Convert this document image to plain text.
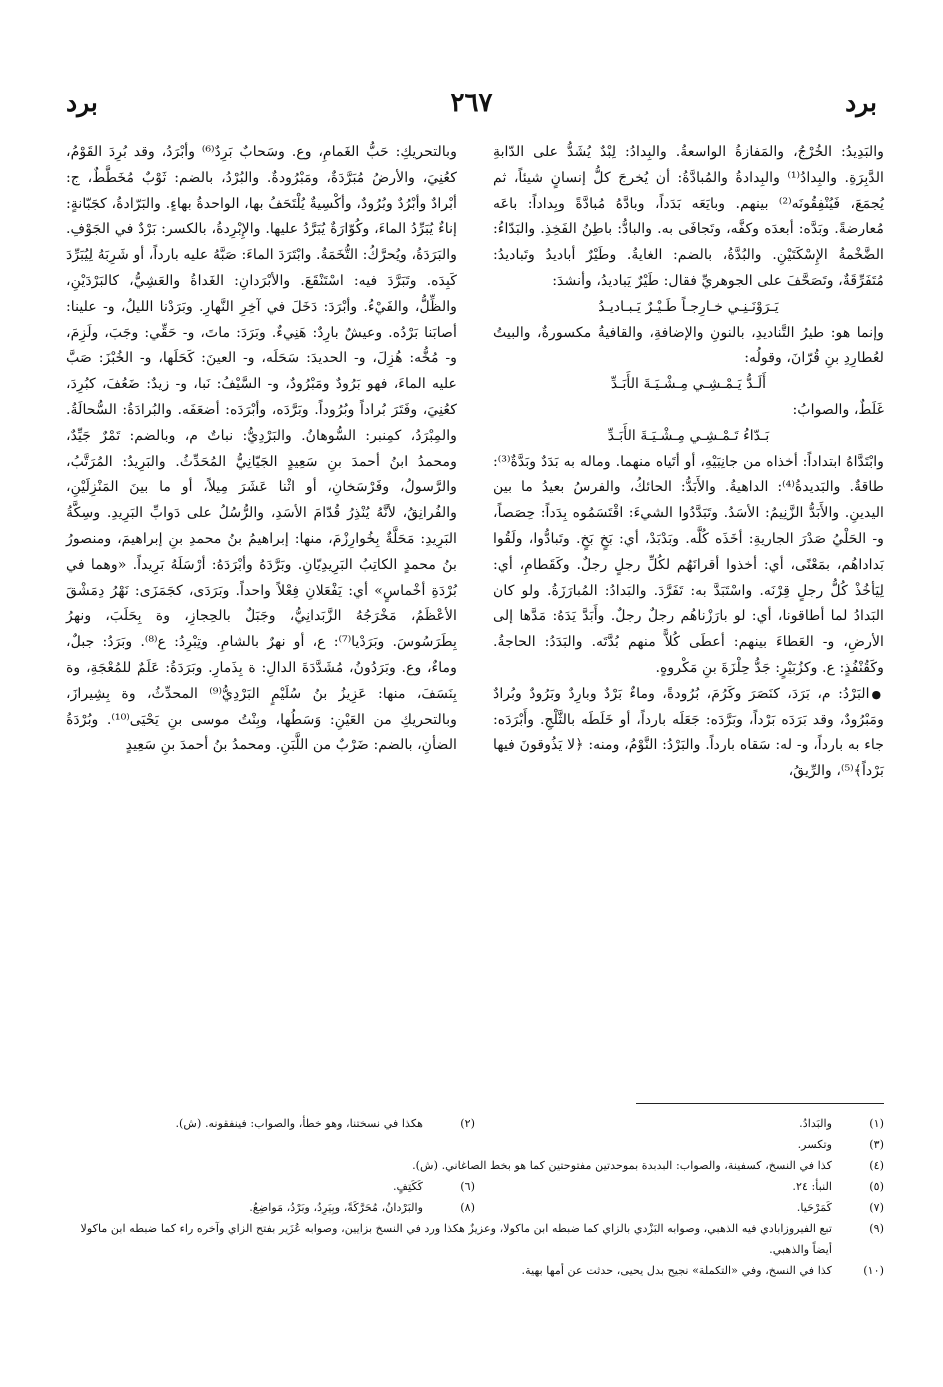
برد
٢٦٧
برد

والبَدِيدُ: الخُرْجُ، والمَفازةُ الواسعةُ. والبِدادُ: لِبْدٌ يُشَدُّ على الدّابةِ الدَّبِرَةِ. والبِدادُ⁽¹⁾ والبِدادةُ والمُبادَّةُ: أن يُخرجَ كلُّ إنسانٍ شيئاً، ثم يُجمَعَ، فَيُنْفِقُونَه⁽²⁾ بينهم. وبايَعَه بَدَداً، وبادَّهُ مُبادَّةً وبِداداً: باعَه مُعارضةً. وبَدَّه: أبعدَه وكفَّه، وتَجافَى به. والبادُّ: باطِنُ الفَخِذِ. والبَدّاءُ: الضَّخْمةُ الإِسْكَتَيْنِ. والبُدَّةُ، بالضم: الغايةُ. وطَيْرٌ أباديدُ وتَباديدُ: مُتَفَرِّقَةٌ، وتَصَحَّفَ على الجوهريِّ فقال: طَيْرٌ يَباديدُ، وأنشدَ:

يَـرَوْنَـنِـي خـارِجـاً طَـيْـرٌ يَـبـاديـدُ

وإنما هو: طيرُ التَّناديدِ، بالنونِ والإضافةِ، والقافيةُ مكسورةٌ، والبيتُ لعُطارِدِ بنِ قُرّانَ، وقولُه:

أَلَـدُّ يَـمْـشِـي مِـشْـيَـةَ الأَبَـدِّ

غَلَطٌ، والصوابُ:

بَـدّاءُ تَـمْـشِـي مِـشْـيَـةَ الأَبَـدِّ

وابْتَدَّاهُ ابتداداً: أخذاه من جانِبَيْهِ، أو أتَياه منهما. وماله به بَدَدٌ وبَدَّةٌ⁽³⁾: طاقةٌ. والبَديدةُ⁽⁴⁾: الداهيةُ. والأَبَدُّ: الحائكُ، والفرسُ بعيدُ ما بين اليدينِ. والأَبَدُّ الزَّنِيمُ: الأسَدُ. وتَبَدَّدُوا الشيءَ: اقْتَسَمُوه بِدَداً: حِصَصاً، و- الحَلْيُ صَدْرَ الجاريةِ: أخَذَه كُلَّه. وبَدْبَدْ، أي: بَخٍ بَخٍ. وتَبادُّوا، ولَقُوا بَداداهُم، بمَعْنًى، أي: أخذوا أقرانَهُم لكُلِّ رجلٍ رجلٌ. وكَقَطامِ، أي: لِيَأخُذْ كُلُّ رجلٍ قِرْنَه. واسْتَبَدَّ به: تَفَرَّدَ. والبَدادُ: المُبارَزَةُ. ولو كان البَدادُ لما أطاقونا، أي: لو بارَزْناهُم رجلٌ رجلٌ. وأَبَدَّ يَدَهُ: مَدَّها إلى الأرضِ، و- العَطاءَ بينهم: أعطَى كُلاًّ منهم بُدَّتَه. والبَدَدُ: الحاجةُ. وكَقُنْفُذٍ: ع. وكزُبَيْرٍ: جَدُّ حِلْزَةَ بنِ مَكْروهٍ.

● البَرْدُ: م، بَرَدَ، كنَصَرَ وكَرُمَ، بُرُودةً، وماءٌ بَرْدٌ وبارِدٌ وبَرُودٌ وبُرادٌ ومَبْرُودٌ، وقد بَرَدَه بَرْداً، وبَرَّدَه: جَعَلَه بارداً، أو خَلَطَه بالثَّلْجِ. وأَبْرَدَه: جاء به بارداً، و- له: سَقاه بارداً. والبَرْدُ: النَّوْمُ، ومنه: ﴿لا يَذُوقونَ فيها بَرْداً﴾⁽⁵⁾، والرِّيقُ،

وبالتحريكِ: حَبُّ الغَمامِ، وع. وسَحابٌ بَرِدٌ⁽⁶⁾ وأبْرَدُ، وقد بُرِدَ القَوْمُ، كعُنِيَ، والأرضُ مُبَرَّدَةٌ، ومَبْرُودةٌ. والبُرْدُ، بالضم: ثَوْبٌ مُخَطَّطٌ، ج: أبْرادٌ وأبْرُدٌ وبُرُودٌ، وأكْسِيةٌ يُلْتَحَفُ بها، الواحدةُ بهاءٍ. والبَرّادةُ، كجَبّانةٍ: إناءٌ يُبَرِّدُ الماءَ، وكُوّارَةٌ يُبَرَّدُ عليها. والإِبْرِدةُ، بالكسر: بَرْدٌ في الجَوْفِ. والبَرَدَةُ، ويُحرَّكُ: التُّخَمَةُ. وابْتَرَدَ الماءَ: صَبَّهُ عليه بارداً، أو شَرِبَهُ لِيُبَرِّدَ كَبِدَه. وتَبَرَّدَ فيه: اسْتَنْقَعَ. والأبْرَدانِ: الغَداةُ والعَشِيُّ، كالبَرْدَيْنِ، والظِّلُّ، والفَيْءُ. وأبْرَدَ: دَخَلَ في آخِرِ النَّهارِ. وبَرَدْنا الليلُ، و- علينا: أصابَنا بَرْدُه. وعيشٌ بارِدٌ: هَنِيءٌ. وبَرَدَ: ماتَ، و- حَقِّي: وجَبَ، ولَزِمَ، و- مُخُّه: هُزِلَ، و- الحديدَ: سَحَلَه، و- العينَ: كَحَلَها، و- الخُبْزَ: صَبَّ عليه الماءَ، فهو بَرُودٌ ومَبْرُودٌ، و- السَّيْفُ: نَبا، و- زيدٌ: ضَعُفَ، كبُرِدَ، كعُنِيَ، وفَتَرَ بُراداً وبُرُوداً. وبَرَّدَه، وأبْرَدَه: أضعَفَه. والبُرادَةُ: السُّحالَةُ. والمِبْرَدُ، كمِنبر: السُّوهانُ. والبَرْدِيُّ: نباتٌ م، وبالضم: تَمْرٌ جَيِّدٌ، ومحمدُ ابنُ أحمدَ بنِ سَعِيدٍ الجَيّانِيُّ المُحَدِّثُ. والبَرِيدُ: المُرَتَّبُ، والرَّسولُ، وفَرْسَخانِ، أو اثْنا عَشَرَ مِيلاً، أو ما بينَ المَنْزِلَيْنِ، والفُرانِقُ، لأنَّهُ يُنْذِرُ قُدّامَ الأسَدِ، والرُّسُلُ على دَوابِّ البَرِيدِ. وسِكَّةُ البَرِيدِ: مَحَلَّةٌ بِخُوارِزْمَ، منها: إبراهيمُ بنُ محمدِ بنِ إبراهيمَ، ومنصورُ بنُ محمدٍ الكاتِبُ البَرِيدِيّانِ. وبَرَّدَهُ وأبْرَدَهُ: أرْسَلَهُ بَرِيداً. «وهما في بُرْدَةِ أخْماسٍ» أي: يَفْعَلانِ فِعْلاً واحداً. وبَرَدَى، كجَمَزَى: نَهْرُ دِمَشْقَ الأعْظَمُ، مَخْرَجُهُ الزَّبَدانِيُّ، وجَبَلٌ بالحِجازِ، وة بِحَلَبَ، ونهرُ بِطَرَسُوسَ. وبَرَدْيا⁽⁷⁾: ع، أو نهرٌ بالشامِ. وتِبْرِدُ: ع⁽⁸⁾. وبَرَدُ: جبلٌ، وماءٌ، وع. وبَرَدُونُ، مُشَدَّدَةَ الدالِ: ة بِذَمارِ. وبَرَدَةُ: عَلَمٌ للمُعْجَةِ، وة بِنَسَفَ، منها: عَزِيزُ بنُ سُلَيْمٍ البَرْدِيُّ⁽⁹⁾ المحدِّثُ، وة بِشِيرازَ، وبالتحريكِ من العَيْنِ: وَسَطُها، وبِنْتُ موسى بنِ يَحْيَى⁽¹⁰⁾. وبُرْدَةُ الضأنِ، بالضم: ضَرْبٌ من اللَّبَنِ. ومحمدُ بنُ أحمدَ بنِ سَعِيدٍ

(١)
والبَدادُ.
(٢)
هكذا في نسختنا، وهو خطأ، والصواب: فينفقونه. (ش).
(٣)
وتكسر.
(٤)
كذا في النسخ، كسفينة، والصواب: البدبدة بموحدتين مفتوحتين كما هو بخط الصاغاني. (ش).
(٥)
النبأ: ٢٤.
(٦)
كَكَتِفٍ.
(٧)
كَمَرْحَيا.
(٨)
والبَرْدانُ، مُحَرَّكَةً، وبِيَرِدُ، وبَرْدُ، مَواضِعُ.
(٩)
تبع الفيروزابادي فيه الذهبي، وصوابه البَزْدي بالزاي كما ضبطه ابن ماكولا، وعزيزٌ هكذا ورد في النسخ بزايين، وصوابه عُزَير بفتح الزاي وآخره راء كما ضبطه ابن ماكولا أيضاً والذهبي.
(١٠)
كذا في النسخ، وفي «التكملة» نجيح بدل يحيى، حدثت عن أمها بهية.
